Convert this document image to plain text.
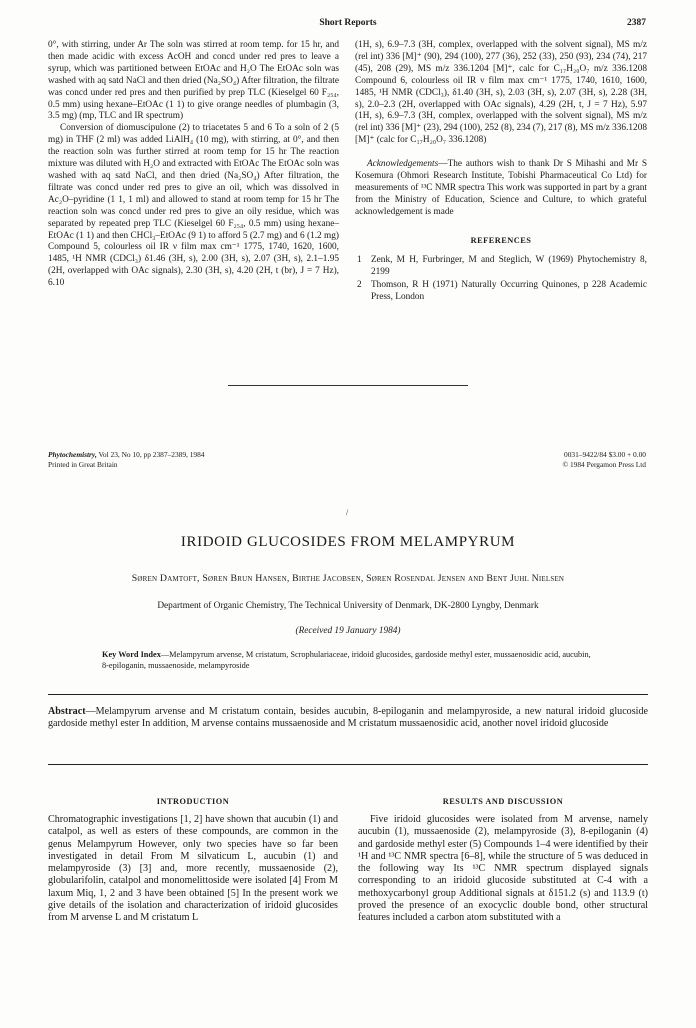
Short Reports	2387

0°, with stirring, under Ar The soln was stirred at room temp. for 15 hr, and then made acidic with excess AcOH and concd under red pres to leave a syrup, which was partitioned between EtOAc and H₂O The EtOAc soln was washed with aq satd NaCl and then dried (Na₂SO₄) After filtration, the filtrate was concd under red pres and then purified by prep TLC (Kieselgel 60 F₂₅₄, 0.5 mm) using hexane–EtOAc (1 1) to give orange needles of plumbagin (3, 3.5 mg) (mp, TLC and IR spectrum)

Conversion of diomuscipulone (2) to triacetates 5 and 6 To a soln of 2 (5 mg) in THF (2 ml) was added LiAlH₄ (10 mg), with stirring, at 0°, and then the reaction soln was further stirred at room temp for 15 hr The reaction mixture was diluted with H₂O and extracted with EtOAc The EtOAc soln was washed with aq satd NaCl, and then dried (Na₂SO₄) After filtration, the filtrate was concd under red pres to give an oil, which was dissolved in Ac₂O–pyridine (1 1, 1 ml) and allowed to stand at room temp for 15 hr The reaction soln was concd under red pres to give an oily residue, which was separated by repeated prep TLC (Kieselgel 60 F₂₅₄, 0.5 mm) using hexane–EtOAc (1 1) and then CHCl₃–EtOAc (9 1) to afford 5 (2.7 mg) and 6 (1.2 mg) Compound 5, colourless oil IR ν film max cm⁻¹ 1775, 1740, 1620, 1600, 1485, ¹H NMR (CDCl₃) δ1.46 (3H, s), 2.00 (3H, s), 2.07 (3H, s), 2.1–1.95 (2H, overlapped with OAc signals), 2.30 (3H, s), 4.20 (2H, t (br), J = 7 Hz), 6.10

(1H, s), 6.9–7.3 (3H, complex, overlapped with the solvent signal), MS m/z (rel int) 336 [M]⁺ (90), 294 (100), 277 (36), 252 (33), 250 (93), 234 (74), 217 (45), 208 (29), MS m/z 336.1204 [M]⁺, calc for C₁₇H₂₀O₇ m/z 336.1208 Compound 6, colourless oil IR ν film max cm⁻¹ 1775, 1740, 1610, 1600, 1485, ¹H NMR (CDCl₃), δ1.40 (3H, s), 2.03 (3H, s), 2.07 (3H, s), 2.28 (3H, s), 2.0–2.3 (2H, overlapped with OAc signals), 4.29 (2H, t, J = 7 Hz), 5.97 (1H, s), 6.9–7.3 (3H, complex, overlapped with the solvent signal), MS m/z (rel int) 336 [M]⁺ (23), 294 (100), 252 (8), 234 (7), 217 (8), MS m/z 336.1208 [M]⁺ (calc for C₁₇H₂₀O₇ 336.1208)

Acknowledgements—The authors wish to thank Dr S Mihashi and Mr S Kosemura (Ohmori Research Institute, Tobishi Pharmaceutical Co Ltd) for measurements of ¹³C NMR spectra This work was supported in part by a grant from the Ministry of Education, Science and Culture, to which grateful acknowledgement is made

REFERENCES
1 Zenk, M H, Furbringer, M and Steglich, W (1969) Phytochemistry 8, 2199
2 Thomson, R H (1971) Naturally Occurring Quinones, p 228 Academic Press, London
Phytochemistry, Vol 23, No 10, pp 2387–2389, 1984
Printed in Great Britain
0031–9422/84 $3.00 + 0.00
© 1984 Pergamon Press Ltd
/
IRIDOID GLUCOSIDES FROM MELAMPYRUM
Søren Damtoft, Søren Brun Hansen, Birthe Jacobsen, Søren Rosendal Jensen and Bent Juhl Nielsen
Department of Organic Chemistry, The Technical University of Denmark, DK-2800 Lyngby, Denmark
(Received 19 January 1984)
Key Word Index—Melampyrum arvense, M cristatum, Scrophulariaceae, iridoid glucosides, gardoside methyl ester, mussaenosidic acid, aucubin, 8-epiloganin, mussaenoside, melampyroside
Abstract—Melampyrum arvense and M cristatum contain, besides aucubin, 8-epiloganin and melampyroside, a new natural iridoid glucoside gardoside methyl ester In addition, M arvense contains mussaenoside and M cristatum mussaenosidic acid, another novel iridoid glucoside
INTRODUCTION	RESULTS AND DISCUSSION

Chromatographic investigations [1, 2] have shown that aucubin (1) and catalpol, as well as esters of these compounds, are common in the genus Melampyrum However, only two species have so far been investigated in detail From M silvaticum L, aucubin (1) and melampyroside (3) [3] and, more recently, mussaenoside (2), globularifolin, catalpol and monomelittoside were isolated [4] From M laxum Miq, 1, 2 and 3 have been obtained [5] In the present work we give details of the isolation and characterization of iridoid glucosides from M arvense L and M cristatum L

Five iridoid glucosides were isolated from M arvense, namely aucubin (1), mussaenoside (2), melampyroside (3), 8-epiloganin (4) and gardoside methyl ester (5) Compounds 1–4 were identified by their ¹H and ¹³C NMR spectra [6–8], while the structure of 5 was deduced in the following way Its ¹³C NMR spectrum displayed signals corresponding to an iridoid glucoside substituted at C-4 with a methoxycarbonyl group Additional signals at δ151.2 (s) and 113.9 (t) proved the presence of an exocyclic double bond, other structural features included a carbon atom substituted with a
